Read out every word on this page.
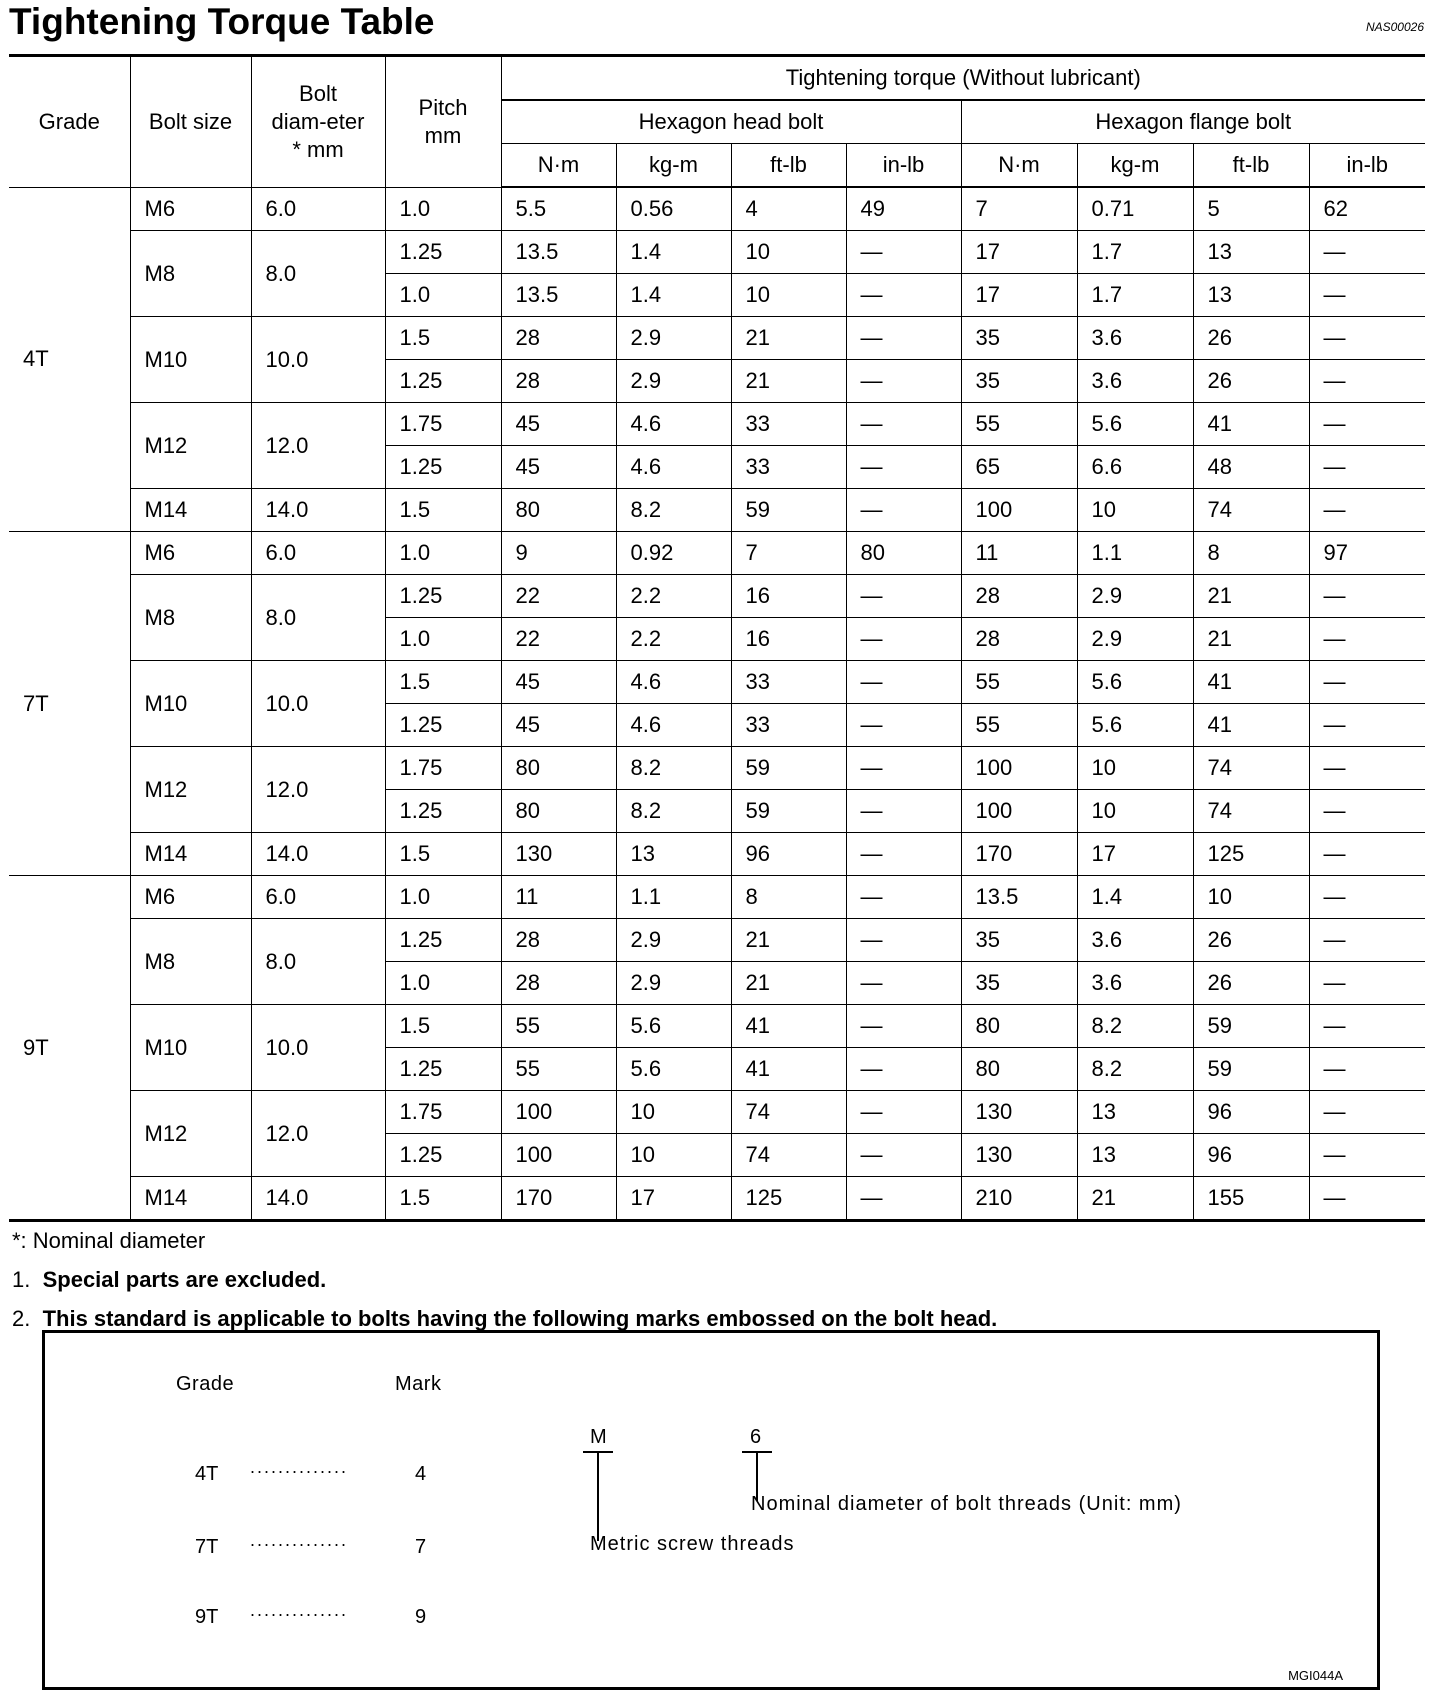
Tightening Torque Table	NAS00026
Grade	Bolt size	Bolt diam-eter * mm	Pitch mm	Tightening torque (Without lubricant)							
				Hexagon head bolt				Hexagon flange bolt			
				N·m	kg-m	ft-lb	in-lb	N·m	kg-m	ft-lb	in-lb
4T	M6	6.0	1.0	5.5	0.56	4	49	7	0.71	5	62
	M8	8.0	1.25	13.5	1.4	10	—	17	1.7	13	—
			1.0	13.5	1.4	10	—	17	1.7	13	—
	M10	10.0	1.5	28	2.9	21	—	35	3.6	26	—
			1.25	28	2.9	21	—	35	3.6	26	—
	M12	12.0	1.75	45	4.6	33	—	55	5.6	41	—
			1.25	45	4.6	33	—	65	6.6	48	—
	M14	14.0	1.5	80	8.2	59	—	100	10	74	—
7T	M6	6.0	1.0	9	0.92	7	80	11	1.1	8	97
	M8	8.0	1.25	22	2.2	16	—	28	2.9	21	—
			1.0	22	2.2	16	—	28	2.9	21	—
	M10	10.0	1.5	45	4.6	33	—	55	5.6	41	—
			1.25	45	4.6	33	—	55	5.6	41	—
	M12	12.0	1.75	80	8.2	59	—	100	10	74	—
			1.25	80	8.2	59	—	100	10	74	—
	M14	14.0	1.5	130	13	96	—	170	17	125	—
9T	M6	6.0	1.0	11	1.1	8	—	13.5	1.4	10	—
	M8	8.0	1.25	28	2.9	21	—	35	3.6	26	—
			1.0	28	2.9	21	—	35	3.6	26	—
	M10	10.0	1.5	55	5.6	41	—	80	8.2	59	—
			1.25	55	5.6	41	—	80	8.2	59	—
	M12	12.0	1.75	100	10	74	—	130	13	96	—
			1.25	100	10	74	—	130	13	96	—
	M14	14.0	1.5	170	17	125	—	210	21	155	—
*: Nominal diameter
1. Special parts are excluded.
2. This standard is applicable to bolts having the following marks embossed on the bolt head.
Grade	Mark
4T ..............	4
7T ..............	7
9T ..............	9
M	6
Nominal diameter of bolt threads (Unit: mm)
Metric screw threads
MGI044A
